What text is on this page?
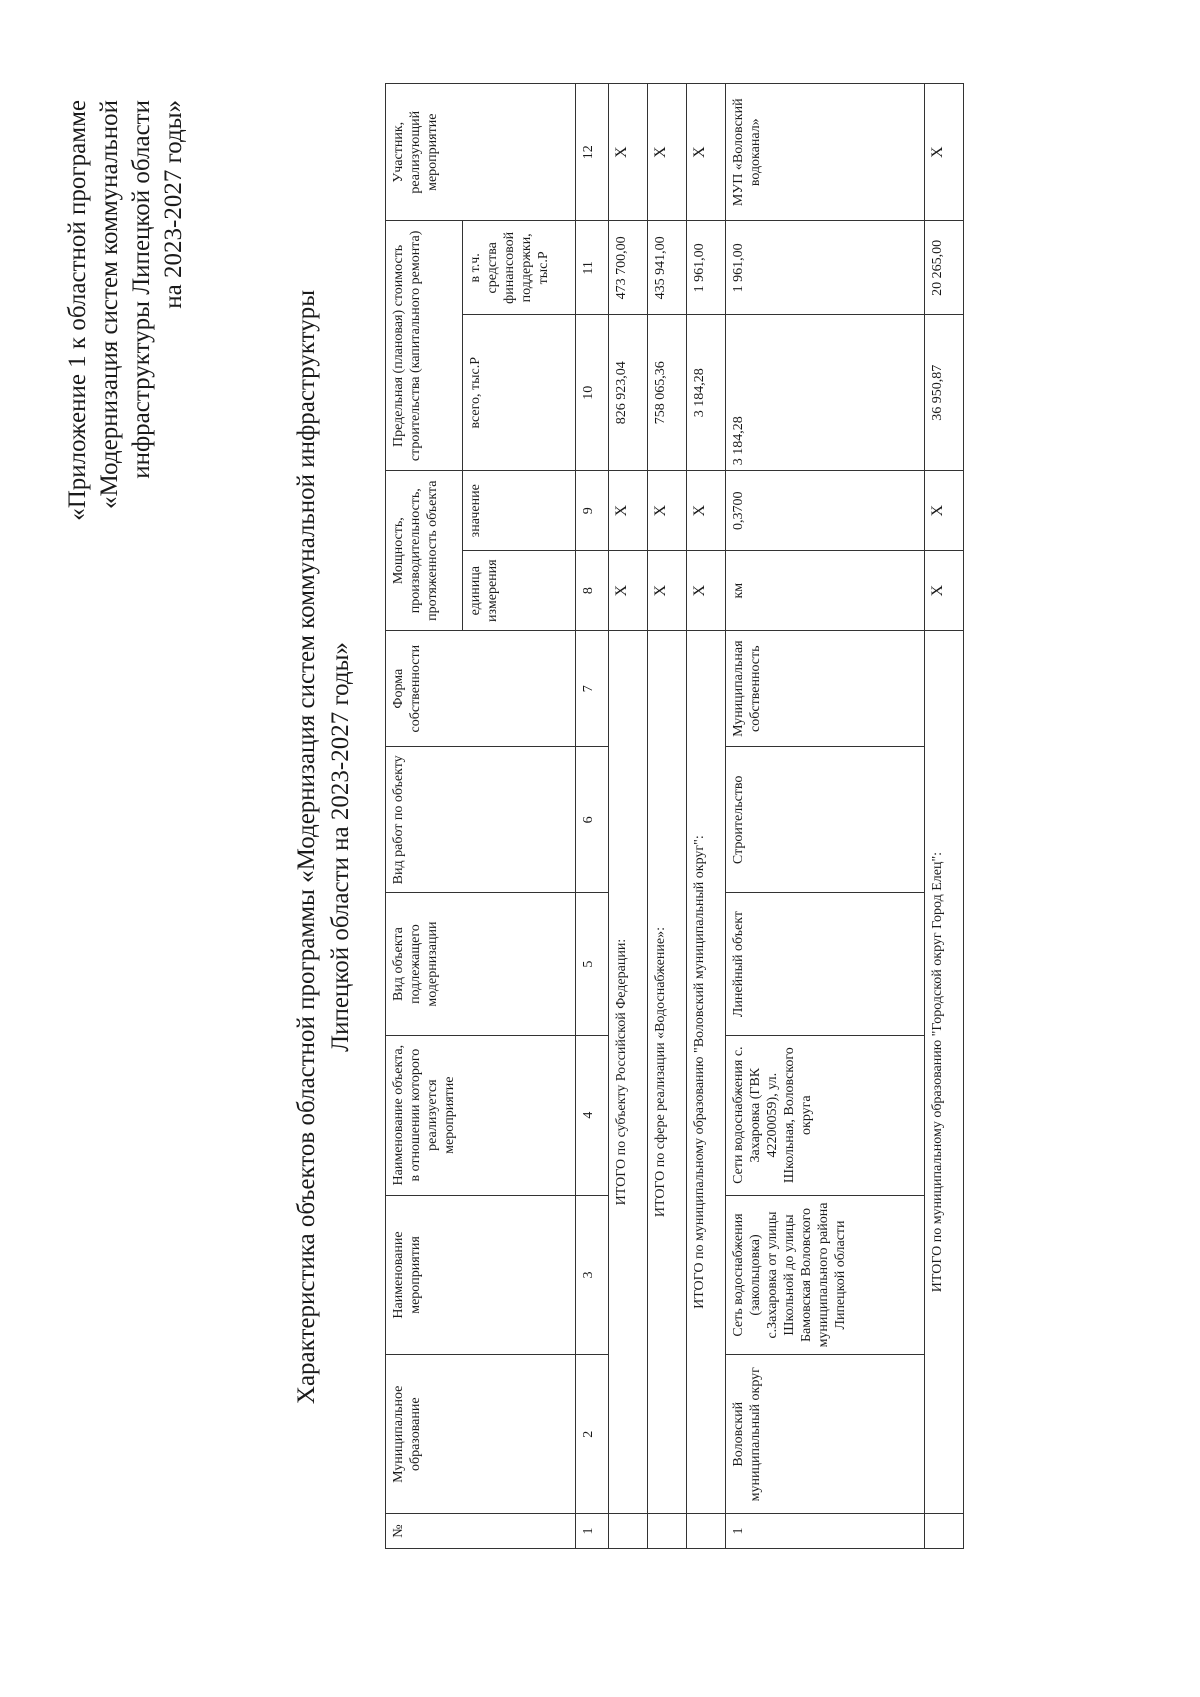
«Приложение 1 к областной программе «Модернизация систем коммунальной инфраструктуры Липецкой области на 2023-2027 годы»
Характеристика объектов областной программы «Модернизация систем коммунальной инфраструктуры Липецкой области на 2023-2027 годы»
№	Муниципальное образование	Наименование мероприятия	Наименование объекта, в отношении которого реализуется мероприятие	Вид объекта подлежащего модернизации	Вид работ по объекту	Форма собственности	Мощность, производительность, протяженность объекта		Предельная (плановая) стоимость строительства (капитального ремонта)		Участник, реализующий мероприятие
							единица измерения	значение	всего, тыс.Р	в т.ч. средства финансовой поддержки, тыс.Р	
1	2	3	4	5	6	7	8	9	10	11	12
	ИТОГО по субъекту Российской Федерации:						Х	Х	826 923,04	473 700,00	Х
	ИТОГО по сфере реализации «Водоснабжение»:						Х	Х	758 065,36	435 941,00	Х
	ИТОГО по муниципальному образованию "Воловский муниципальный округ":						Х	Х	3 184,28	1 961,00	Х
1	Воловский муниципальный округ	Сеть водоснабжения (закольцовка) с.Захаровка от улицы Школьной до улицы Бамовская Воловского муниципального района Липецкой области	Сети водоснабжения с. Захаровка (ГВК 42200059), ул. Школьная, Воловского округа	Линейный объект	Строительство	Муниципальная собственность	км	0,3700	3 184,28	1 961,00	МУП «Воловский водоканал»
	ИТОГО по муниципальному образованию "Городской округ Город Елец":						Х	Х	36 950,87	20 265,00	Х
